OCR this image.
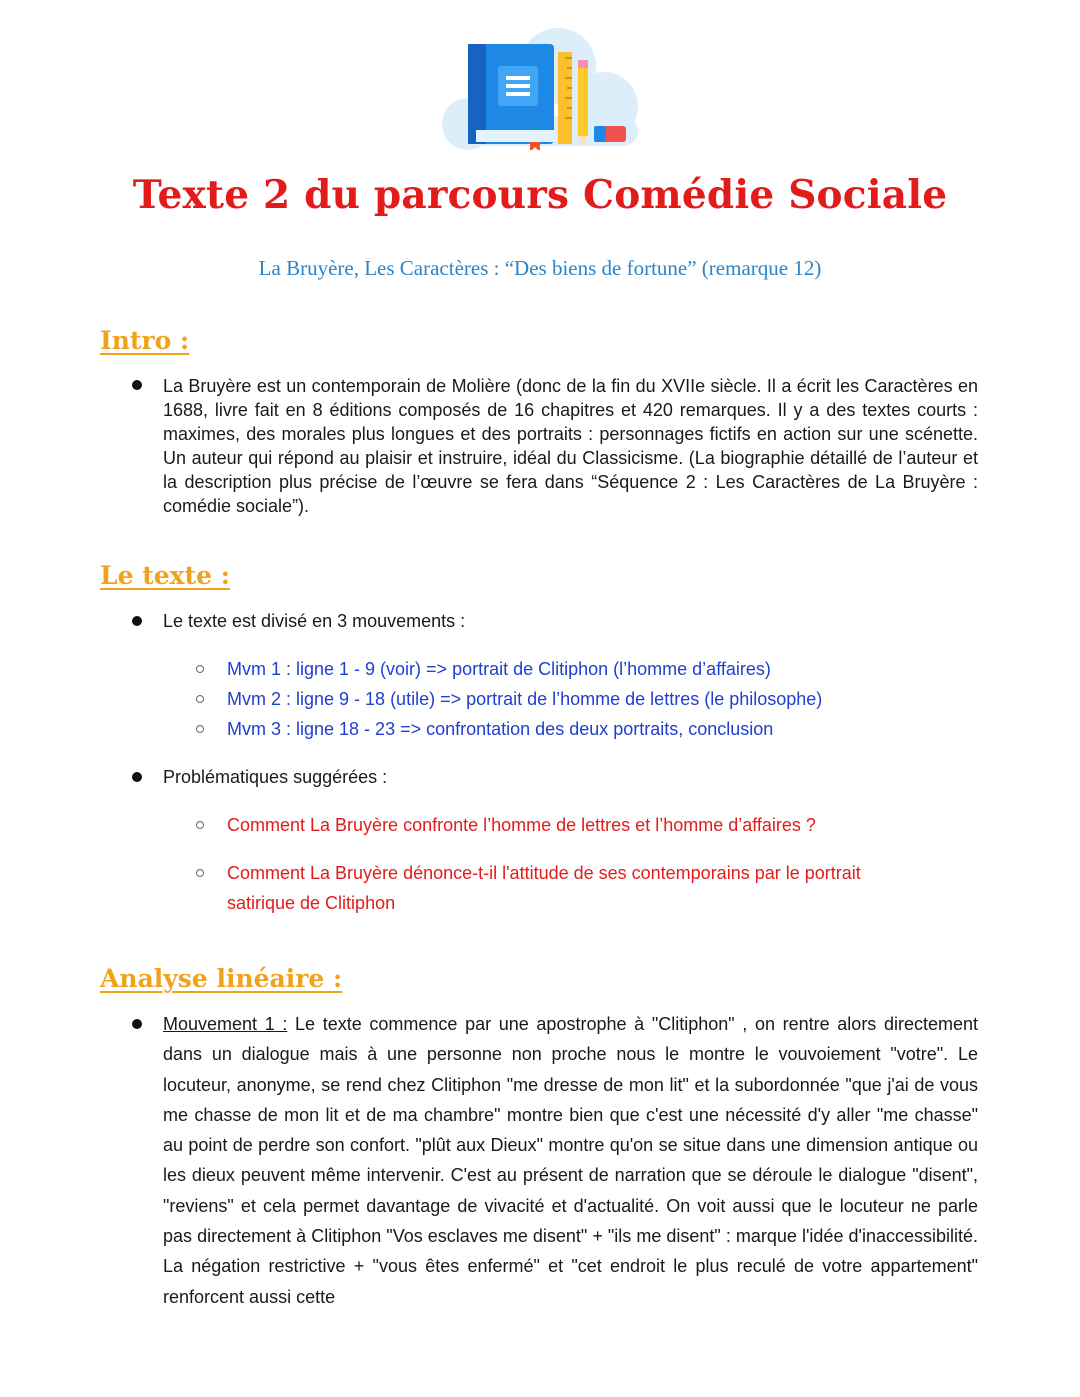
Texte 2 du parcours Comédie Sociale
La Bruyère, Les Caractères : “Des biens de fortune” (remarque 12)
Intro :
La Bruyère est un contemporain de Molière (donc de la fin du XVIIe siècle. Il a écrit les Caractères en 1688, livre fait en 8 éditions composés de 16 chapitres et 420 remarques. Il y a des textes courts : maximes, des morales plus longues et des portraits : personnages fictifs en action sur une scénette. Un auteur qui répond au plaisir et instruire, idéal du Classicisme. (La biographie détaillé de l’auteur et la description plus précise de l’œuvre se fera dans “Séquence 2 : Les Caractères de La Bruyère : comédie sociale”).
Le texte :
Le texte est divisé en 3 mouvements :
Mvm 1 : ligne 1 - 9 (voir) => portrait de Clitiphon (l’homme d’affaires)
Mvm 2 : ligne 9 - 18 (utile) => portrait de l’homme de lettres (le philosophe)
Mvm 3 : ligne 18 - 23 => confrontation des deux portraits, conclusion
Problématiques suggérées :
Comment La Bruyère confronte l’homme de lettres et l’homme d’affaires ?
Comment La Bruyère dénonce-t-il l'attitude de ses contemporains par le portrait
satirique de Clitiphon
Analyse linéaire :
Mouvement 1 : Le texte commence par une apostrophe à "Clitiphon" , on rentre alors directement dans un dialogue mais à une personne non proche nous le montre le vouvoiement "votre". Le locuteur, anonyme, se rend chez Clitiphon "me dresse de mon lit" et la subordonnée "que j'ai de vous me chasse de mon lit et de ma chambre" montre bien que c'est une nécessité d'y aller "me chasse" au point de perdre son confort. "plût aux Dieux" montre qu'on se situe dans une dimension antique ou les dieux peuvent même intervenir. C'est au présent de narration que se déroule le dialogue "disent", "reviens" et cela permet davantage de vivacité et d'actualité. On voit aussi que le locuteur ne parle pas directement à Clitiphon "Vos esclaves me disent" + "ils me disent" : marque l'idée d'inaccessibilité. La négation restrictive + "vous êtes enfermé" et "cet endroit le plus reculé de votre appartement" renforcent aussi cette
